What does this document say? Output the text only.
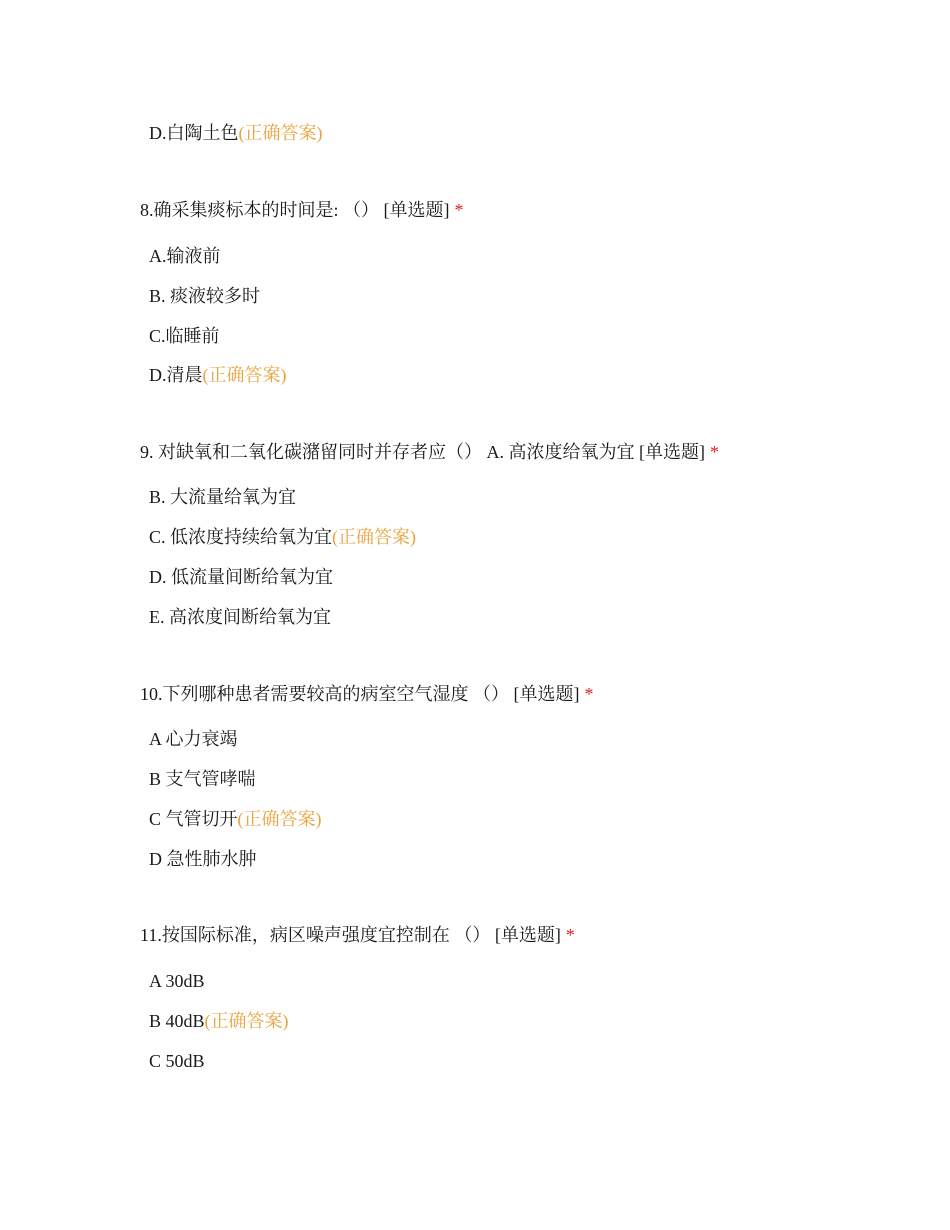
D.白陶土色(正确答案)
8.确采集痰标本的时间是: （） [单选题] *
A.输液前
B. 痰液较多时
C.临睡前
D.清晨(正确答案)
9. 对缺氧和二氧化碳潴留同时并存者应（） A. 高浓度给氧为宜 [单选题] *
B. 大流量给氧为宜
C. 低浓度持续给氧为宜(正确答案)
D. 低流量间断给氧为宜
E. 高浓度间断给氧为宜
10.下列哪种患者需要较高的病室空气湿度 （） [单选题] *
A 心力衰竭
B 支气管哮喘
C 气管切开(正确答案)
D 急性肺水肿
11.按国际标准，病区噪声强度宜控制在 （） [单选题] *
A 30dB
B 40dB(正确答案)
C 50dB
